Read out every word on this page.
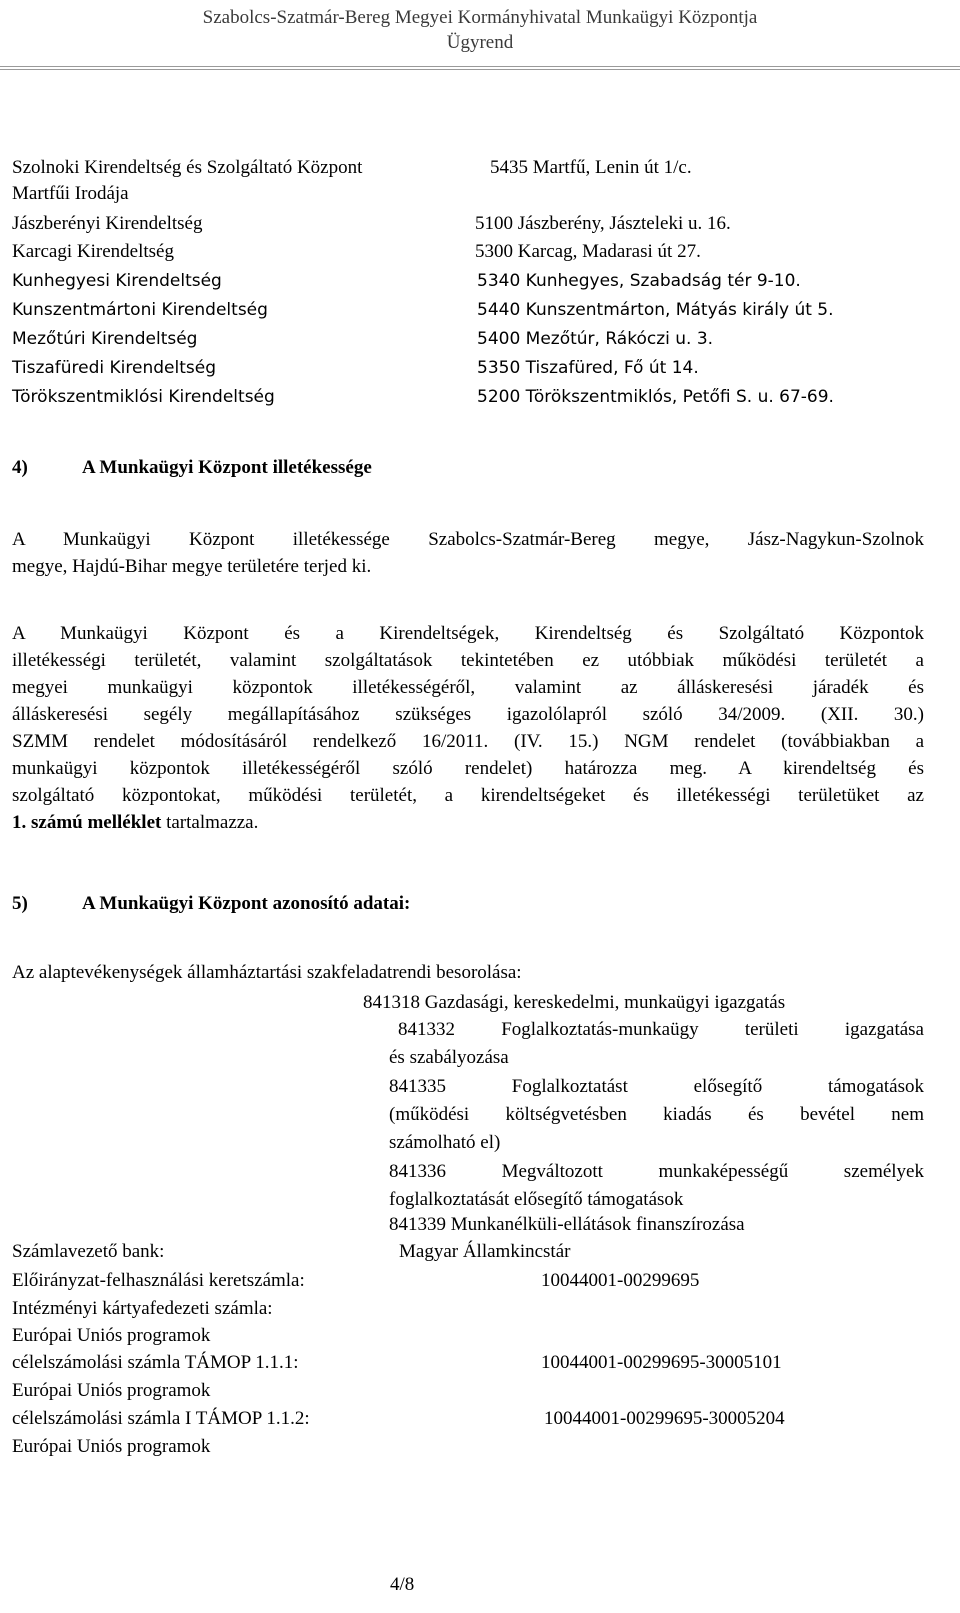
Szabolcs-Szatmár-Bereg Megyei Kormányhivatal Munkaügyi Központja
Ügyrend
Szolnoki Kirendeltség és Szolgáltató Központ	5435 Martfű, Lenin út 1/c.
Martfűi Irodája
Jászberényi Kirendeltség	5100 Jászberény, Jászteleki u. 16.
Karcagi Kirendeltség	5300 Karcag, Madarasi út 27.
Kunhegyesi Kirendeltség	5340 Kunhegyes, Szabadság tér 9-10.
Kunszentmártoni Kirendeltség	5440 Kunszentmárton, Mátyás király út 5.
Mezőtúri Kirendeltség	5400 Mezőtúr, Rákóczi u. 3.
Tiszafüredi Kirendeltség	5350 Tiszafüred, Fő út 14.
Törökszentmiklósi Kirendeltség	5200 Törökszentmiklós, Petőfi S. u. 67-69.
4)	A Munkaügyi Központ illetékessége
A Munkaügyi Központ illetékessége Szabolcs-Szatmár-Bereg megye, Jász-Nagykun-Szolnok
megye, Hajdú-Bihar megye területére terjed ki.
A Munkaügyi Központ és a Kirendeltségek, Kirendeltség és Szolgáltató Központok
illetékességi területét, valamint szolgáltatások tekintetében ez utóbbiak működési területét a
megyei munkaügyi központok illetékességéről, valamint az álláskeresési járadék és
álláskeresési segély megállapításához szükséges igazolólapról szóló 34/2009. (XII. 30.)
SZMM rendelet módosításáról rendelkező 16/2011. (IV. 15.) NGM rendelet (továbbiakban a
munkaügyi központok illetékességéről szóló rendelet) határozza meg. A kirendeltség és
szolgáltató központokat, működési területét, a kirendeltségeket és illetékességi területüket az
1. számú melléklet tartalmazza.
5)	A Munkaügyi Központ azonosító adatai:
Az alaptevékenységek államháztartási szakfeladatrendi besorolása:
841318 Gazdasági, kereskedelmi, munkaügyi igazgatás
841332 Foglalkoztatás-munkaügy területi igazgatása
és szabályozása
841335 Foglalkoztatást elősegítő támogatások
(működési költségvetésben kiadás és bevétel nem
számolható el)
841336 Megváltozott munkaképességű személyek
foglalkoztatását elősegítő támogatások
841339 Munkanélküli-ellátások finanszírozása
Számlavezető bank:	Magyar Államkincstár
Előirányzat-felhasználási keretszámla:	10044001-00299695
Intézményi kártyafedezeti számla:
Európai Uniós programok
célelszámolási számla TÁMOP 1.1.1:	10044001-00299695-30005101
Európai Uniós programok
célelszámolási számla I TÁMOP 1.1.2:	10044001-00299695-30005204
Európai Uniós programok
4/8
